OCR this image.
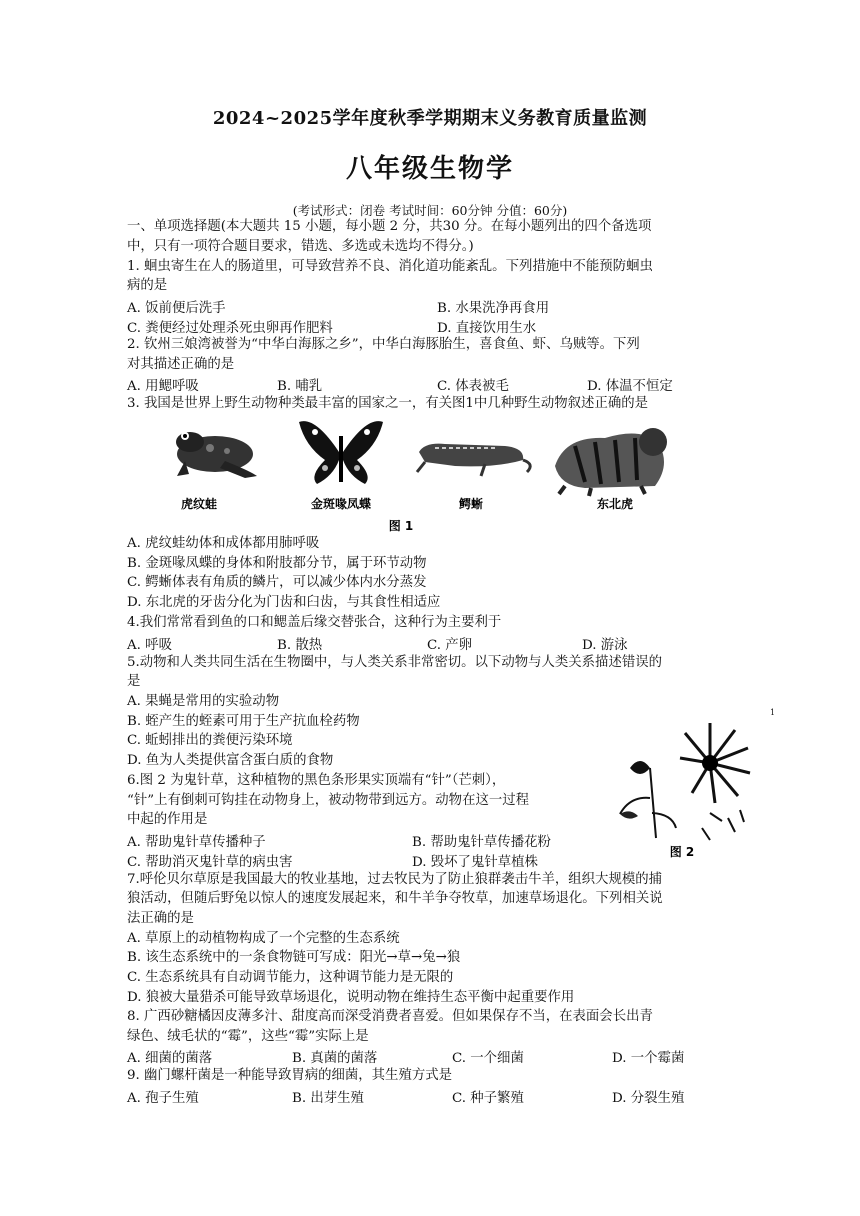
2024~2025学年度秋季学期期末义务教育质量监测
八年级生物学
(考试形式：闭卷 考试时间：60分钟 分值：60分)
一、单项选择题(本大题共 15 小题，每小题 2 分，共30 分。在每小题列出的四个备选项
中，只有一项符合题目要求，错选、多选或未选均不得分。)
1. 蛔虫寄生在人的肠道里，可导致营养不良、消化道功能紊乱。下列措施中不能预防蛔虫
病的是
A. 饭前便后洗手	B. 水果洗净再食用
C. 粪便经过处理杀死虫卵再作肥料	D. 直接饮用生水
2. 钦州三娘湾被誉为“中华白海豚之乡”，中华白海豚胎生，喜食鱼、虾、乌贼等。下列
对其描述正确的是
A. 用鳃呼吸	B. 哺乳	C. 体表被毛	D. 体温不恒定
3. 我国是世界上野生动物种类最丰富的国家之一，有关图1中几种野生动物叙述正确的是
虎纹蛙	金斑喙凤蝶	鳄蜥	东北虎
图 1
A. 虎纹蛙幼体和成体都用肺呼吸
B. 金斑喙凤蝶的身体和附肢都分节，属于环节动物
C. 鳄蜥体表有角质的鳞片，可以减少体内水分蒸发
D. 东北虎的牙齿分化为门齿和臼齿，与其食性相适应
4.我们常常看到鱼的口和鳃盖后缘交替张合，这种行为主要利于
A. 呼吸	B. 散热	C. 产卵	D. 游泳
5.动物和人类共同生活在生物圈中，与人类关系非常密切。以下动物与人类关系描述错误的
是
A. 果蝇是常用的实验动物
B. 蛭产生的蛭素可用于生产抗血栓药物
C. 蚯蚓排出的粪便污染环境
D. 鱼为人类提供富含蛋白质的食物
1
6.图 2 为鬼针草，这种植物的黑色条形果实顶端有“针”（芒刺），
“针”上有倒刺可钩挂在动物身上，被动物带到远方。动物在这一过程
中起的作用是
A. 帮助鬼针草传播种子	B. 帮助鬼针草传播花粉
C. 帮助消灭鬼针草的病虫害	D. 毁坏了鬼针草植株
图 2
7.呼伦贝尔草原是我国最大的牧业基地，过去牧民为了防止狼群袭击牛羊，组织大规模的捕
狼活动，但随后野兔以惊人的速度发展起来，和牛羊争夺牧草，加速草场退化。下列相关说
法正确的是
A. 草原上的动植物构成了一个完整的生态系统
B. 该生态系统中的一条食物链可写成：阳光→草→兔→狼
C. 生态系统具有自动调节能力，这种调节能力是无限的
D. 狼被大量猎杀可能导致草场退化，说明动物在维持生态平衡中起重要作用
8. 广西砂糖橘因皮薄多汁、甜度高而深受消费者喜爱。但如果保存不当，在表面会长出青
绿色、绒毛状的“霉”，这些“霉”实际上是
A. 细菌的菌落	B. 真菌的菌落	C. 一个细菌	D. 一个霉菌
9. 幽门螺杆菌是一种能导致胃病的细菌，其生殖方式是
A. 孢子生殖	B. 出芽生殖	C. 种子繁殖	D. 分裂生殖
